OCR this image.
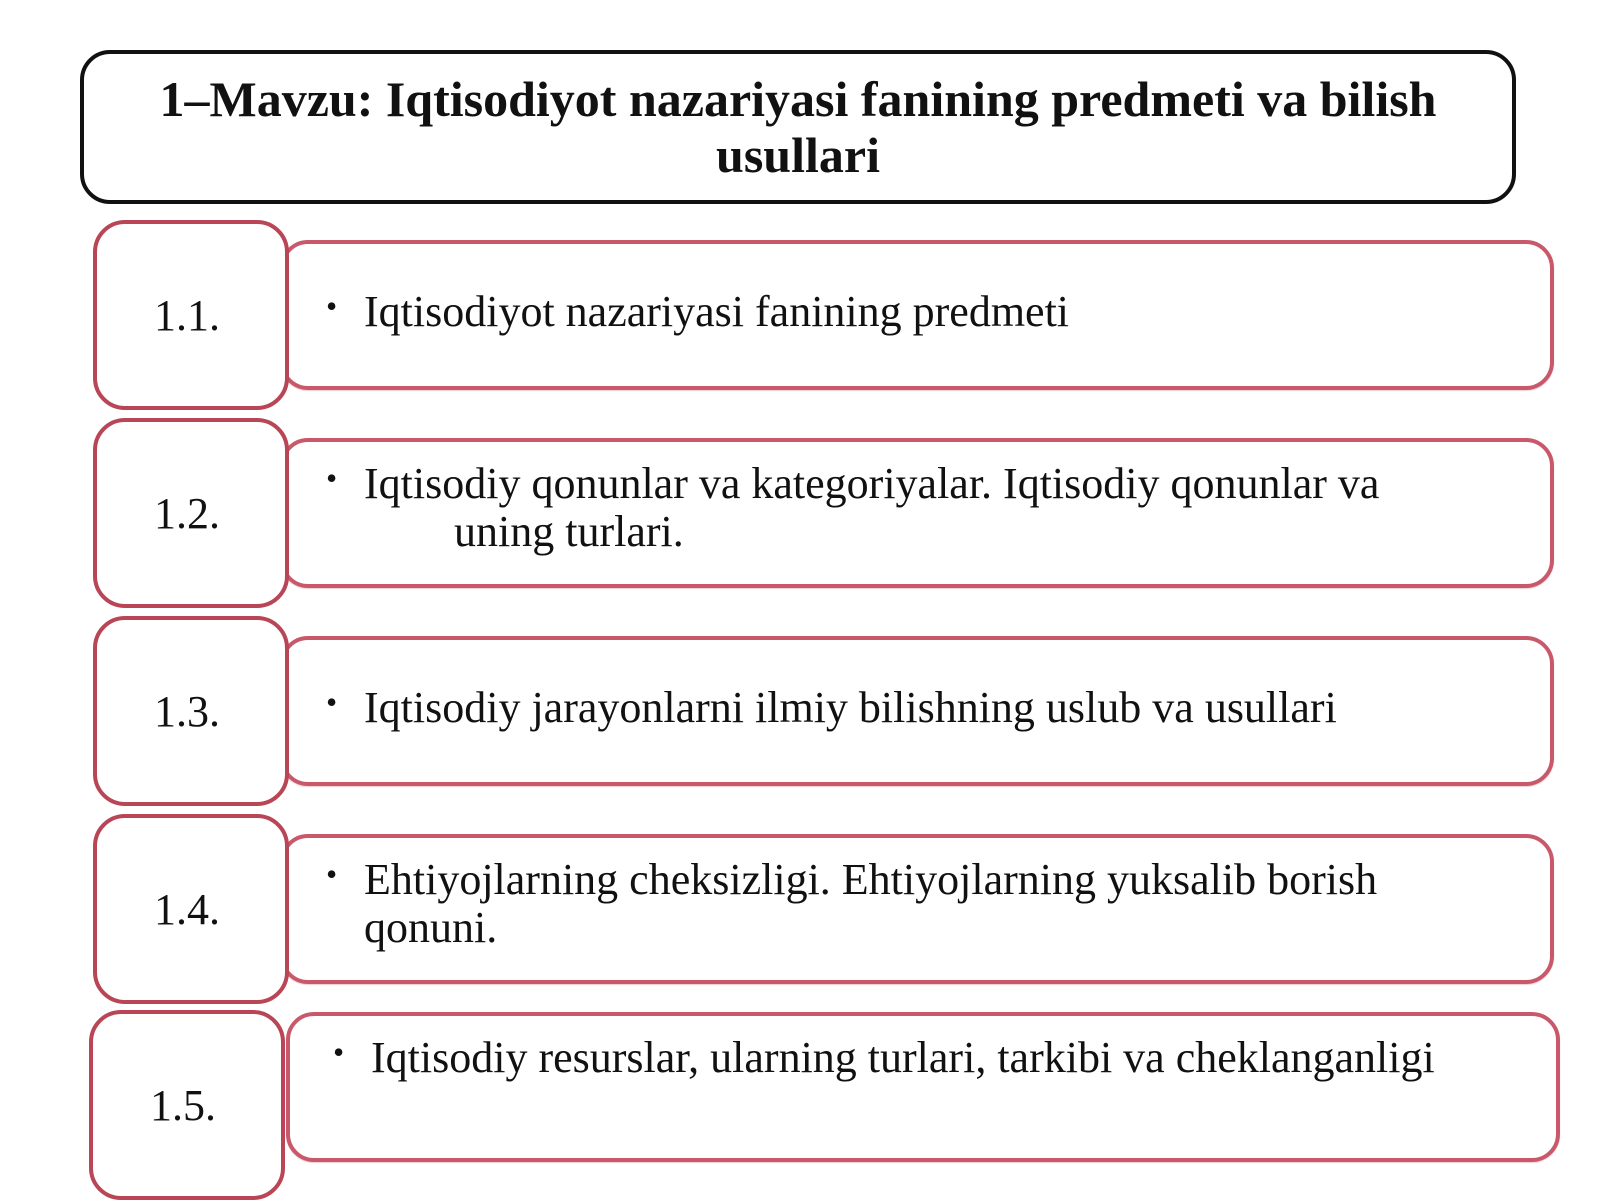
1–Mavzu: Iqtisodiyot nazariyasi fanining predmeti va bilish usullari
1.1.	• Iqtisodiyot nazariyasi fanining predmeti
1.2.
• Iqtisodiy qonunlar va kategoriyalar. Iqtisodiy qonunlar va
uning turlari.
1.3.	• Iqtisodiy jarayonlarni ilmiy bilishning uslub va usullari
1.4.
• Ehtiyojlarning cheksizligi. Ehtiyojlarning yuksalib borish
qonuni.
1.5.
• Iqtisodiy resurslar, ularning turlari, tarkibi va cheklanganligi
